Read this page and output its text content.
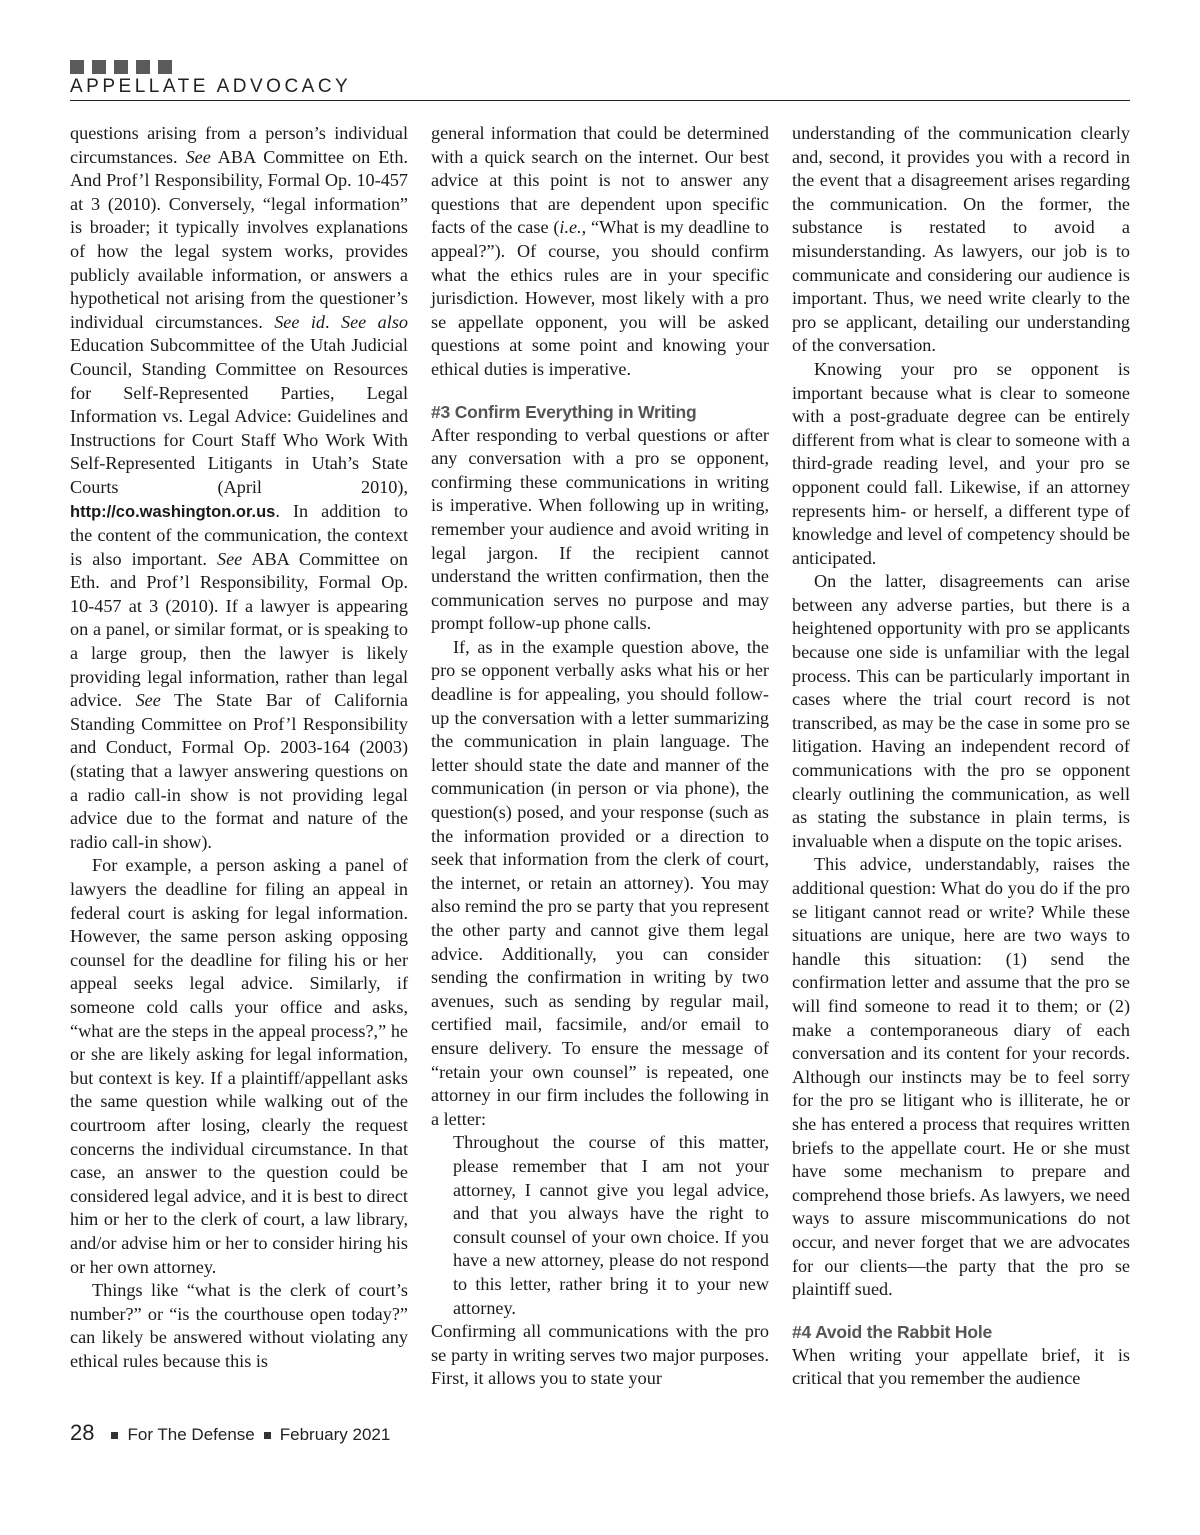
APPELLATE ADVOCACY

questions arising from a person’s individual circumstances. See ABA Committee on Eth. And Prof’l Responsibility, Formal Op. 10-457 at 3 (2010). Conversely, “legal information” is broader; it typically involves explanations of how the legal system works, provides publicly available information, or answers a hypothetical not arising from the questioner’s individual circumstances. See id. See also Education Subcommittee of the Utah Judicial Council, Standing Committee on Resources for Self-Represented Parties, Legal Information vs. Legal Advice: Guidelines and Instructions for Court Staff Who Work With Self-Represented Litigants in Utah’s State Courts (April 2010), http://co.washington.or.us. In addition to the content of the communication, the context is also important. See ABA Committee on Eth. and Prof’l Responsibility, Formal Op. 10-457 at 3 (2010). If a lawyer is appearing on a panel, or similar format, or is speaking to a large group, then the lawyer is likely providing legal information, rather than legal advice. See The State Bar of California Standing Committee on Prof’l Responsibility and Conduct, Formal Op. 2003-164 (2003) (stating that a lawyer answering questions on a radio call-in show is not providing legal advice due to the format and nature of the radio call-in show).

For example, a person asking a panel of lawyers the deadline for filing an appeal in federal court is asking for legal information. However, the same person asking opposing counsel for the deadline for filing his or her appeal seeks legal advice. Similarly, if someone cold calls your office and asks, “what are the steps in the appeal process?,” he or she are likely asking for legal information, but context is key. If a plaintiff/appellant asks the same question while walking out of the courtroom after losing, clearly the request concerns the individual circumstance. In that case, an answer to the question could be considered legal advice, and it is best to direct him or her to the clerk of court, a law library, and/or advise him or her to consider hiring his or her own attorney.

Things like “what is the clerk of court’s number?” or “is the courthouse open today?” can likely be answered without violating any ethical rules because this is

general information that could be determined with a quick search on the internet. Our best advice at this point is not to answer any questions that are dependent upon specific facts of the case (i.e., “What is my deadline to appeal?”). Of course, you should confirm what the ethics rules are in your specific jurisdiction. However, most likely with a pro se appellate opponent, you will be asked questions at some point and knowing your ethical duties is imperative.

#3 Confirm Everything in Writing

After responding to verbal questions or after any conversation with a pro se opponent, confirming these communications in writing is imperative. When following up in writing, remember your audience and avoid writing in legal jargon. If the recipient cannot understand the written confirmation, then the communication serves no purpose and may prompt follow-up phone calls.

If, as in the example question above, the pro se opponent verbally asks what his or her deadline is for appealing, you should follow-up the conversation with a letter summarizing the communication in plain language. The letter should state the date and manner of the communication (in person or via phone), the question(s) posed, and your response (such as the information provided or a direction to seek that information from the clerk of court, the internet, or retain an attorney). You may also remind the pro se party that you represent the other party and cannot give them legal advice. Additionally, you can consider sending the confirmation in writing by two avenues, such as sending by regular mail, certified mail, facsimile, and/or email to ensure delivery. To ensure the message of “retain your own counsel” is repeated, one attorney in our firm includes the following in a letter:

Throughout the course of this matter, please remember that I am not your attorney, I cannot give you legal advice, and that you always have the right to consult counsel of your own choice. If you have a new attorney, please do not respond to this letter, rather bring it to your new attorney.

Confirming all communications with the pro se party in writing serves two major purposes. First, it allows you to state your

understanding of the communication clearly and, second, it provides you with a record in the event that a disagreement arises regarding the communication. On the former, the substance is restated to avoid a misunderstanding. As lawyers, our job is to communicate and considering our audience is important. Thus, we need write clearly to the pro se applicant, detailing our understanding of the conversation.

Knowing your pro se opponent is important because what is clear to someone with a post-graduate degree can be entirely different from what is clear to someone with a third-grade reading level, and your pro se opponent could fall. Likewise, if an attorney represents him- or herself, a different type of knowledge and level of competency should be anticipated.

On the latter, disagreements can arise between any adverse parties, but there is a heightened opportunity with pro se applicants because one side is unfamiliar with the legal process. This can be particularly important in cases where the trial court record is not transcribed, as may be the case in some pro se litigation. Having an independent record of communications with the pro se opponent clearly outlining the communication, as well as stating the substance in plain terms, is invaluable when a dispute on the topic arises.

This advice, understandably, raises the additional question: What do you do if the pro se litigant cannot read or write? While these situations are unique, here are two ways to handle this situation: (1) send the confirmation letter and assume that the pro se will find someone to read it to them; or (2) make a contemporaneous diary of each conversation and its content for your records. Although our instincts may be to feel sorry for the pro se litigant who is illiterate, he or she has entered a process that requires written briefs to the appellate court. He or she must have some mechanism to prepare and comprehend those briefs. As lawyers, we need ways to assure miscommunications do not occur, and never forget that we are advocates for our clients—the party that the pro se plaintiff sued.

#4 Avoid the Rabbit Hole

When writing your appellate brief, it is critical that you remember the audience

28 For The Defense February 2021
